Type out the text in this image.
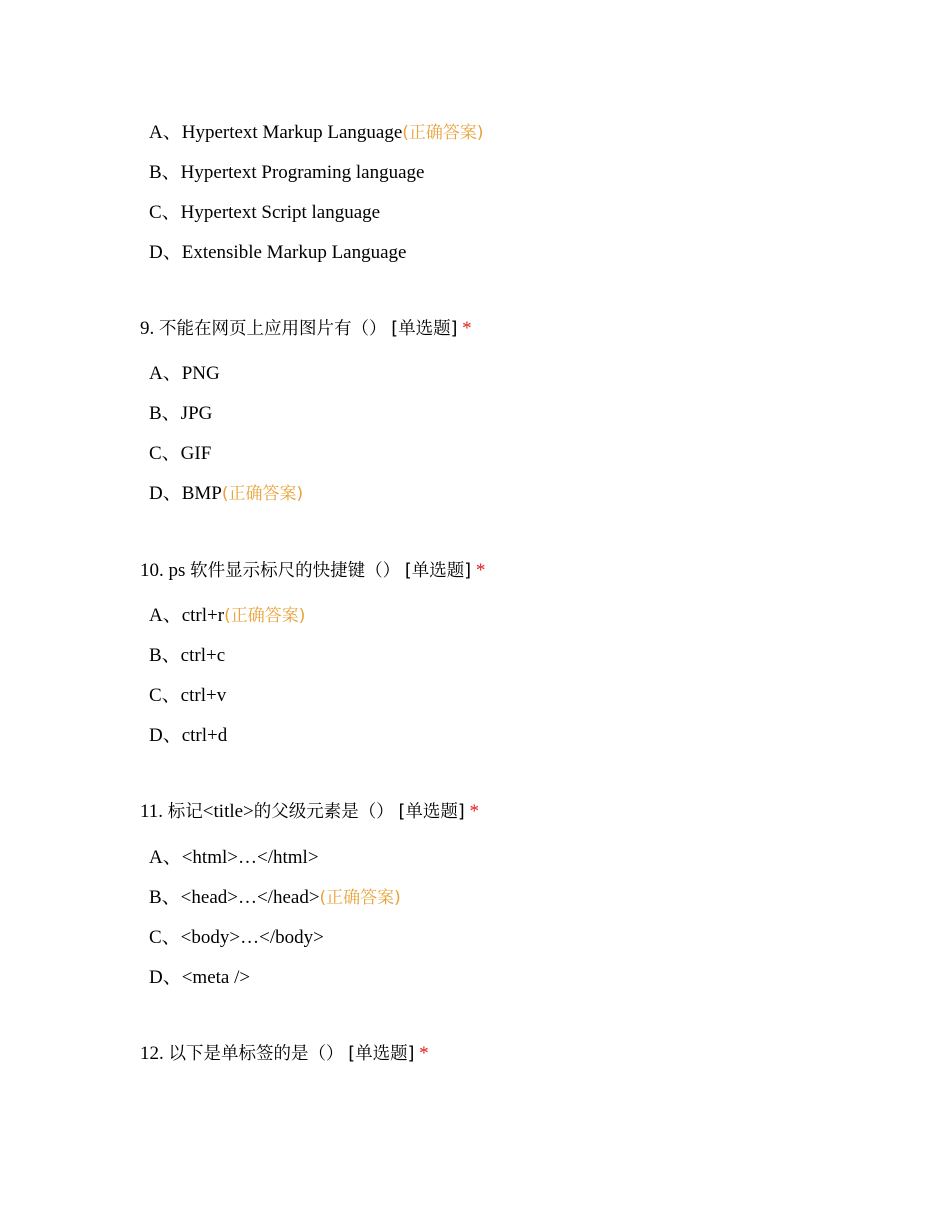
A、Hypertext Markup Language(正确答案)
B、Hypertext Programing language
C、Hypertext Script language
D、Extensible Markup Language
9. 不能在网页上应用图片有（） [单选题] *
A、PNG
B、JPG
C、GIF
D、BMP(正确答案)
10. ps 软件显示标尺的快捷键（） [单选题] *
A、ctrl+r(正确答案)
B、ctrl+c
C、ctrl+v
D、ctrl+d
11. 标记<title>的父级元素是（） [单选题] *
A、<html>…</html>
B、<head>…</head>(正确答案)
C、<body>…</body>
D、<meta />
12. 以下是单标签的是（） [单选题] *
